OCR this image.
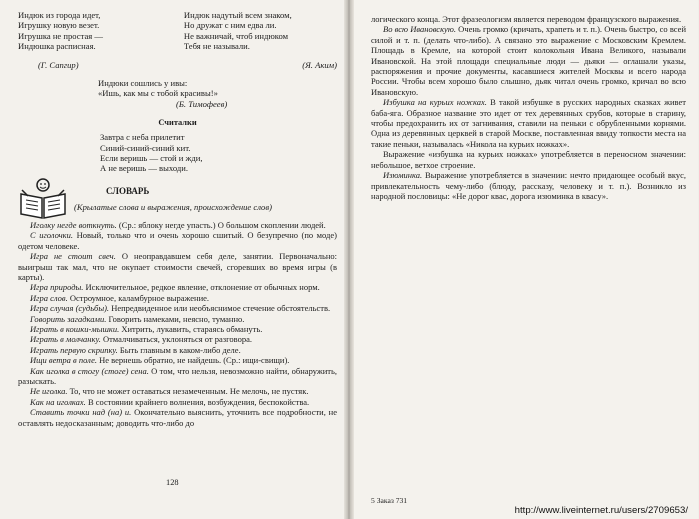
Индюк из города идет,
Игрушку новую везет.
Игрушка не простая —
Индюшка расписная.
(Г. Сапгир)
Индюк надутый всем знаком,
Но дружат с ним едва ли.
Не важничай, чтоб индюком
Тебя не называли.
(Я. Аким)
Индюки сошлись у ивы:
«Ишь, как мы с тобой красивы!»
(Б. Тимофеев)
Считалки
Завтра с неба прилетит
Синий-синий-синий кит.
Если веришь — стой и жди,
А не веришь — выходи.
СЛОВАРЬ
(Крылатые слова и выражения, происхождение слов)

Иголку негде воткнуть. (Ср.: яблоку негде упасть.) О большом скоплении людей.

С иголочки. Новый, только что и очень хорошо сшитый. О безупречно (по моде) одетом человеке.

Игра не стоит свеч. О неоправдавшем себя деле, занятии. Первоначально: выигрыш так мал, что не окупает стоимости свечей, сгоревших во время игры (в карты).

Игра природы. Исключительное, редкое явление, отклонение от обычных норм.

Игра слов. Остроумное, каламбурное выражение.

Игра случая (судьбы). Непредвиденное или необъяснимое стечение обстоятельств.

Говорить загадками. Говорить намеками, неясно, туманно.

Играть в кошки-мышки. Хитрить, лукавить, стараясь обмануть.

Играть в молчанку. Отмалчиваться, уклоняться от разговора.

Играть первую скрипку. Быть главным в каком-либо деле.

Ищи ветра в поле. Не вернешь обратно, не найдешь. (Ср.: ищи-свищи).

Как иголка в стогу (стоге) сена. О том, что нельзя, невозможно найти, обнаружить, разыскать.

Не иголка. То, что не может оставаться незамеченным. Не мелочь, не пустяк.

Как на иголках. В состоянии крайнего волнения, возбуждения, беспокойства.

Ставить точки над (на) и. Окончательно выяснить, уточнить все подробности, не оставлять недосказанным; доводить что-либо до

128

логического конца. Этот фразеологизм является переводом французского выражения.

Во всю Ивановскую. Очень громко (кричать, храпеть и т. п.). Очень быстро, со всей силой и т. п. (делать что-либо). А связано это выражение с Московским Кремлем. Площадь в Кремле, на которой стоит колокольня Ивана Великого, называли Ивановской. На этой площади специальные люди — дьяки — оглашали указы, распоряжения и прочие документы, касавшиеся жителей Москвы и всего народа России. Чтобы всем хорошо было слышно, дьяк читал очень громко, кричал во всю Ивановскую.

Избушка на курьих ножках. В такой избушке в русских народных сказках живет баба-яга. Образное название это идет от тех деревянных срубов, которые в старину, чтобы предохранить их от загнивания, ставили на пеньки с обрубленными корнями. Одна из деревянных церквей в старой Москве, поставленная ввиду топкости места на такие пеньки, называлась «Никола на курьих ножках».

Выражение «избушка на курьих ножках» употребляется в переносном значении: небольшое, ветхое строение.

Изюминка. Выражение употребляется в значении: нечто придающее особый вкус, привлекательность чему-либо (блюду, рассказу, человеку и т. п.). Возникло из народной пословицы: «Не дорог квас, дорога изюминка в квасу».

5 Заказ 731
http://www.liveinternet.ru/users/2709653/
